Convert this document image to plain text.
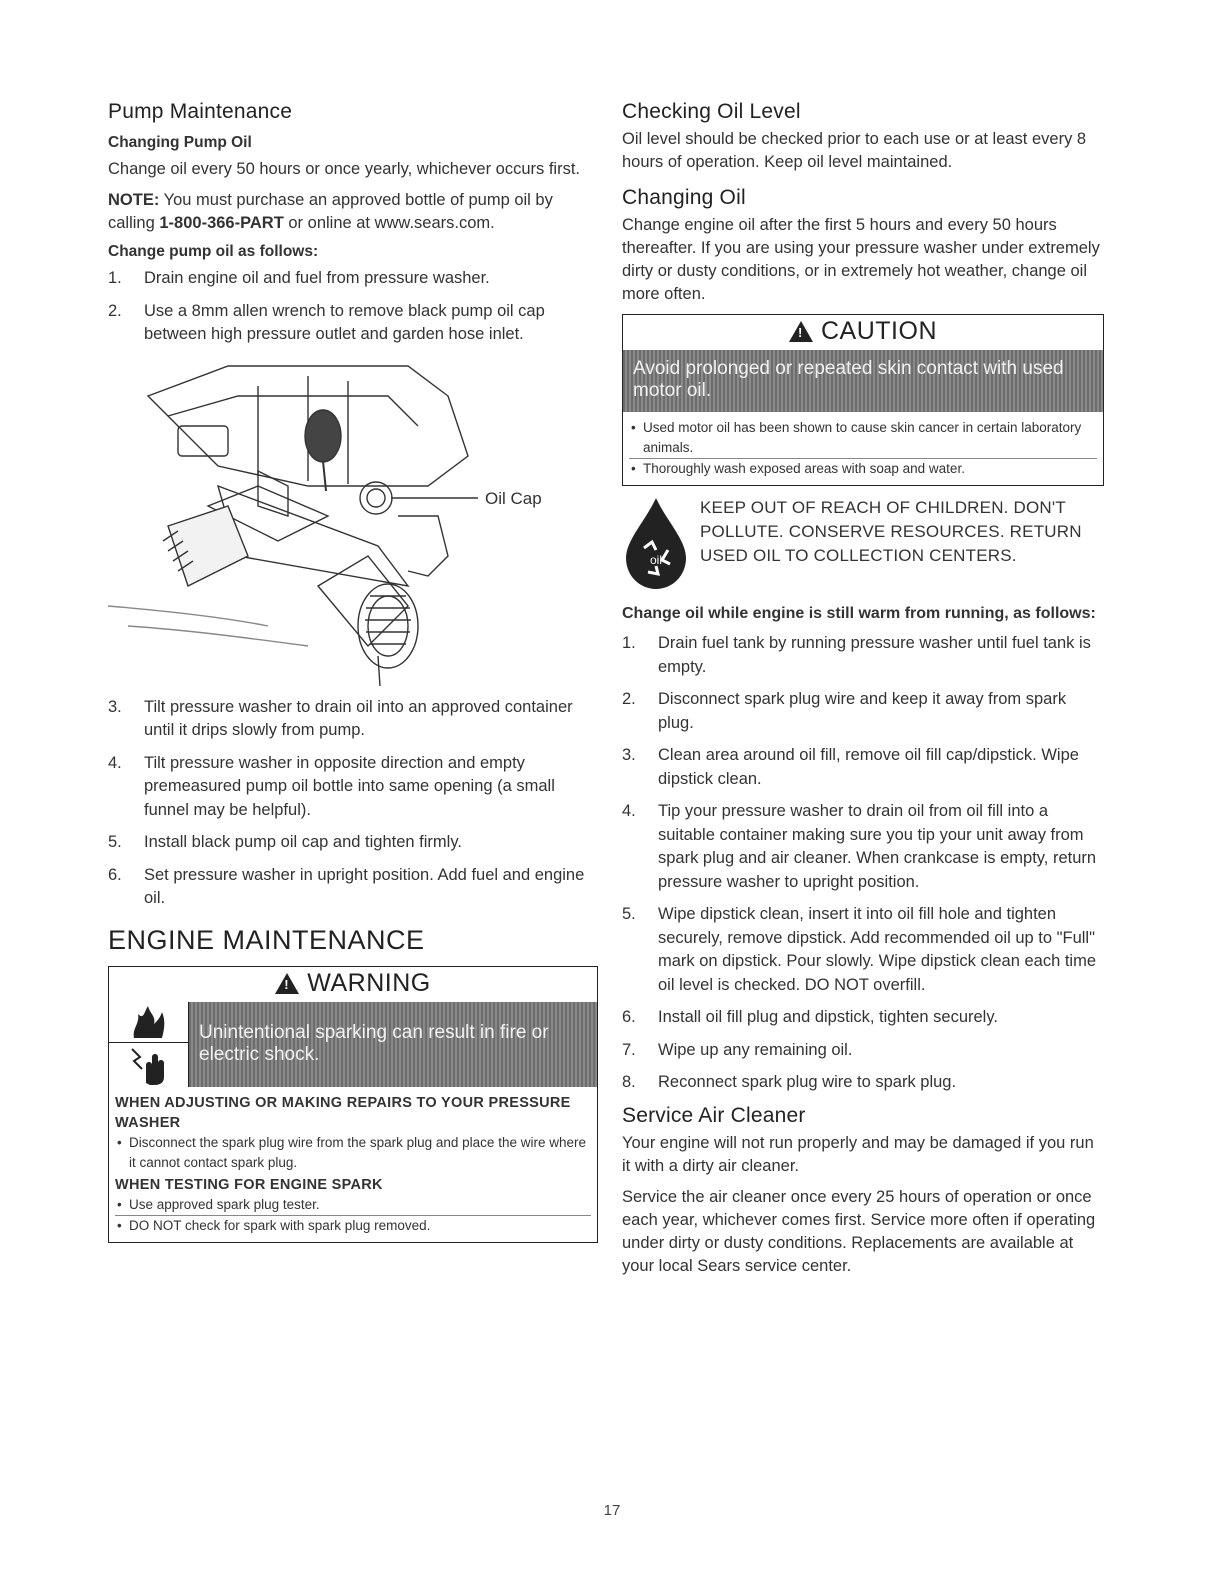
Pump Maintenance
Changing Pump Oil

Change oil every 50 hours or once yearly, whichever occurs first.

NOTE: You must purchase an approved bottle of pump oil by calling 1-800-366-PART or online at www.sears.com.

Change pump oil as follows:
1. Drain engine oil and fuel from pressure washer.
2. Use a 8mm allen wrench to remove black pump oil cap between high pressure outlet and garden hose inlet.
Oil Cap
3. Tilt pressure washer to drain oil into an approved container until it drips slowly from pump.
4. Tilt pressure washer in opposite direction and empty premeasured pump oil bottle into same opening (a small funnel may be helpful).
5. Install black pump oil cap and tighten firmly.
6. Set pressure washer in upright position. Add fuel and engine oil.
ENGINE MAINTENANCE
!
WARNING
Unintentional sparking can result in fire or electric shock.
WHEN ADJUSTING OR MAKING REPAIRS TO YOUR PRESSURE WASHER
• Disconnect the spark plug wire from the spark plug and place the wire where it cannot contact spark plug.
WHEN TESTING FOR ENGINE SPARK
• Use approved spark plug tester.
• DO NOT check for spark with spark plug removed.
Checking Oil Level

Oil level should be checked prior to each use or at least every 8 hours of operation. Keep oil level maintained.

Changing Oil

Change engine oil after the first 5 hours and every 50 hours thereafter. If you are using your pressure washer under extremely dirty or dusty conditions, or in extremely hot weather, change oil more often.

!
CAUTION
Avoid prolonged or repeated skin contact with used motor oil.
• Used motor oil has been shown to cause skin cancer in certain laboratory animals.
• Thoroughly wash exposed areas with soap and water.
oil
KEEP OUT OF REACH OF CHILDREN. DON'T POLLUTE. CONSERVE RESOURCES. RETURN USED OIL TO COLLECTION CENTERS.
Change oil while engine is still warm from running, as follows:
1. Drain fuel tank by running pressure washer until fuel tank is empty.
2. Disconnect spark plug wire and keep it away from spark plug.
3. Clean area around oil fill, remove oil fill cap/dipstick. Wipe dipstick clean.
4. Tip your pressure washer to drain oil from oil fill into a suitable container making sure you tip your unit away from spark plug and air cleaner. When crankcase is empty, return pressure washer to upright position.
5. Wipe dipstick clean, insert it into oil fill hole and tighten securely, remove dipstick. Add recommended oil up to "Full" mark on dipstick. Pour slowly. Wipe dipstick clean each time oil level is checked. DO NOT overfill.
6. Install oil fill plug and dipstick, tighten securely.
7. Wipe up any remaining oil.
8. Reconnect spark plug wire to spark plug.
Service Air Cleaner

Your engine will not run properly and may be damaged if you run it with a dirty air cleaner.

Service the air cleaner once every 25 hours of operation or once each year, whichever comes first. Service more often if operating under dirty or dusty conditions. Replacements are available at your local Sears service center.

17
